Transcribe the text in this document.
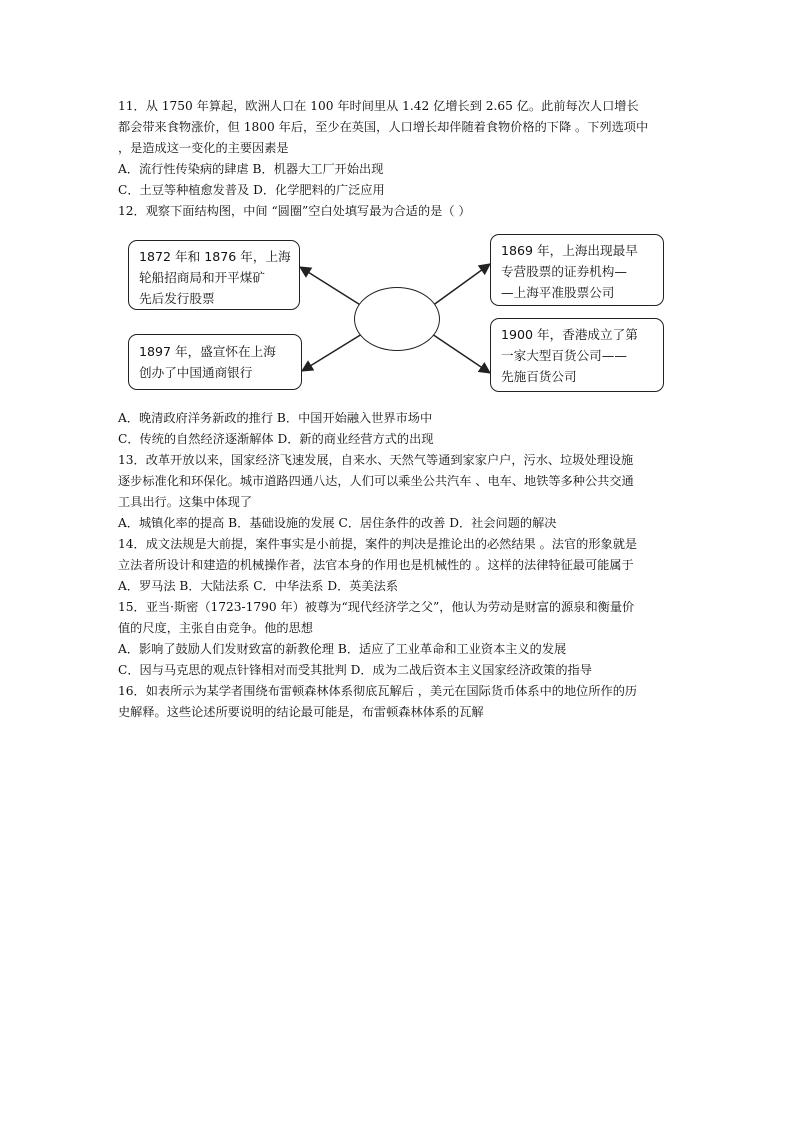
11．从 1750 年算起，欧洲人口在 100 年时间里从 1.42 亿增长到 2.65 亿。此前每次人口增长
都会带来食物涨价，但 1800 年后，至少在英国，人口增长却伴随着食物价格的下降 。下列选项中
，是造成这一变化的主要因素是
A．流行性传染病的肆虐 B．机器大工厂开始出现
C．土豆等种植愈发普及 D．化学肥料的广泛应用
12．观察下面结构图，中间 “圆圈”空白处填写最为合适的是（ ）
1872 年和 1876 年，上海
轮船招商局和开平煤矿
先后发行股票
1897 年，盛宣怀在上海
创办了中国通商银行
1869 年，上海出现最早
专营股票的证券机构—
—上海平准股票公司
1900 年，香港成立了第
一家大型百货公司——
先施百货公司
A．晚清政府洋务新政的推行 B．中国开始融入世界市场中
C．传统的自然经济逐渐解体 D．新的商业经营方式的出现
13．改革开放以来，国家经济飞速发展，自来水、天然气等通到家家户户，污水、垃圾处理设施
逐步标准化和环保化。城市道路四通八达，人们可以乘坐公共汽车 、电车、地铁等多种公共交通
工具出行。这集中体现了
A．城镇化率的提高 B．基础设施的发展 C．居住条件的改善 D．社会问题的解决
14．成文法规是大前提，案件事实是小前提，案件的判决是推论出的必然结果 。法官的形象就是
立法者所设计和建造的机械操作者，法官本身的作用也是机械性的 。这样的法律特征最可能属于
A．罗马法 B．大陆法系 C．中华法系 D．英美法系
15．亚当·斯密（1723-1790 年）被尊为“现代经济学之父”，他认为劳动是财富的源泉和衡量价
值的尺度，主张自由竞争。他的思想
A．影响了鼓励人们发财致富的新教伦理 B．适应了工业革命和工业资本主义的发展
C．因与马克思的观点针锋相对而受其批判 D．成为二战后资本主义国家经济政策的指导
16．如表所示为某学者围绕布雷顿森林体系彻底瓦解后 ，美元在国际货币体系中的地位所作的历
史解释。这些论述所要说明的结论最可能是，布雷顿森林体系的瓦解
